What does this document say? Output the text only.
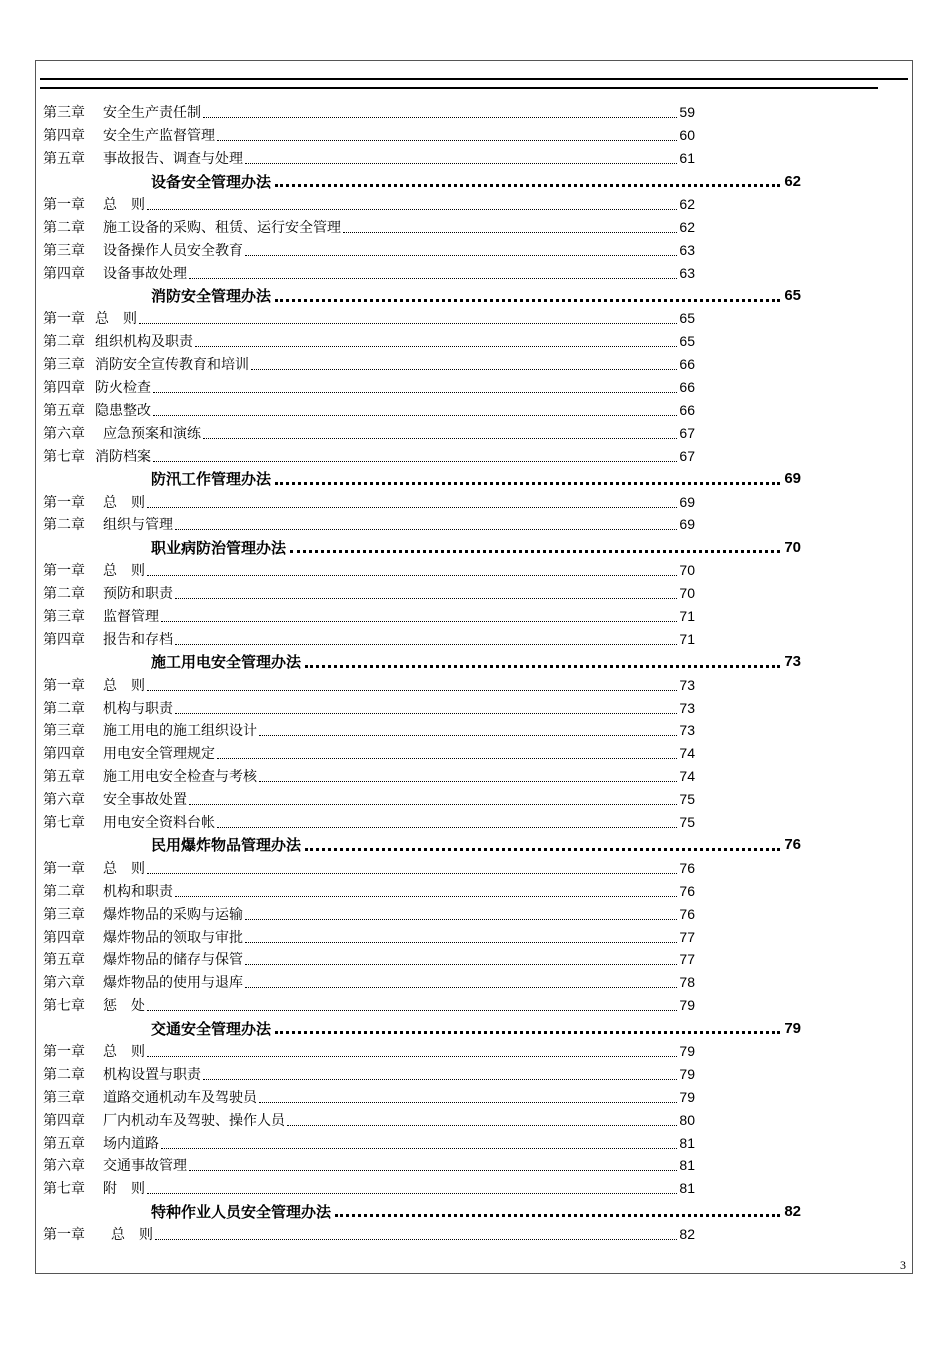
第三章 安全生产责任制	59
第四章 安全生产监督管理	60
第五章 事故报告、调查与处理	61
设备安全管理办法	62
第一章 总　则	62
第二章 施工设备的采购、租赁、运行安全管理	62
第三章 设备操作人员安全教育	63
第四章 设备事故处理	63
消防安全管理办法	65
第一章 总　则	65
第二章 组织机构及职责	65
第三章 消防安全宣传教育和培训	66
第四章 防火检查	66
第五章 隐患整改	66
第六章 应急预案和演练	67
第七章 消防档案	67
防汛工作管理办法	69
第一章 总　则	69
第二章 组织与管理	69
职业病防治管理办法	70
第一章 总　则	70
第二章 预防和职责	70
第三章 监督管理	71
第四章 报告和存档	71
施工用电安全管理办法	73
第一章 总　则	73
第二章 机构与职责	73
第三章 施工用电的施工组织设计	73
第四章 用电安全管理规定	74
第五章 施工用电安全检查与考核	74
第六章 安全事故处置	75
第七章 用电安全资料台帐	75
民用爆炸物品管理办法	76
第一章 总　则	76
第二章 机构和职责	76
第三章 爆炸物品的采购与运输	76
第四章 爆炸物品的领取与审批	77
第五章 爆炸物品的储存与保管	77
第六章 爆炸物品的使用与退库	78
第七章 惩　处	79
交通安全管理办法	79
第一章 总　则	79
第二章 机构设置与职责	79
第三章 道路交通机动车及驾驶员	79
第四章 厂内机动车及驾驶、操作人员	80
第五章 场内道路	81
第六章 交通事故管理	81
第七章 附　则	81
特种作业人员安全管理办法	82
第一章 总　则	82
3
